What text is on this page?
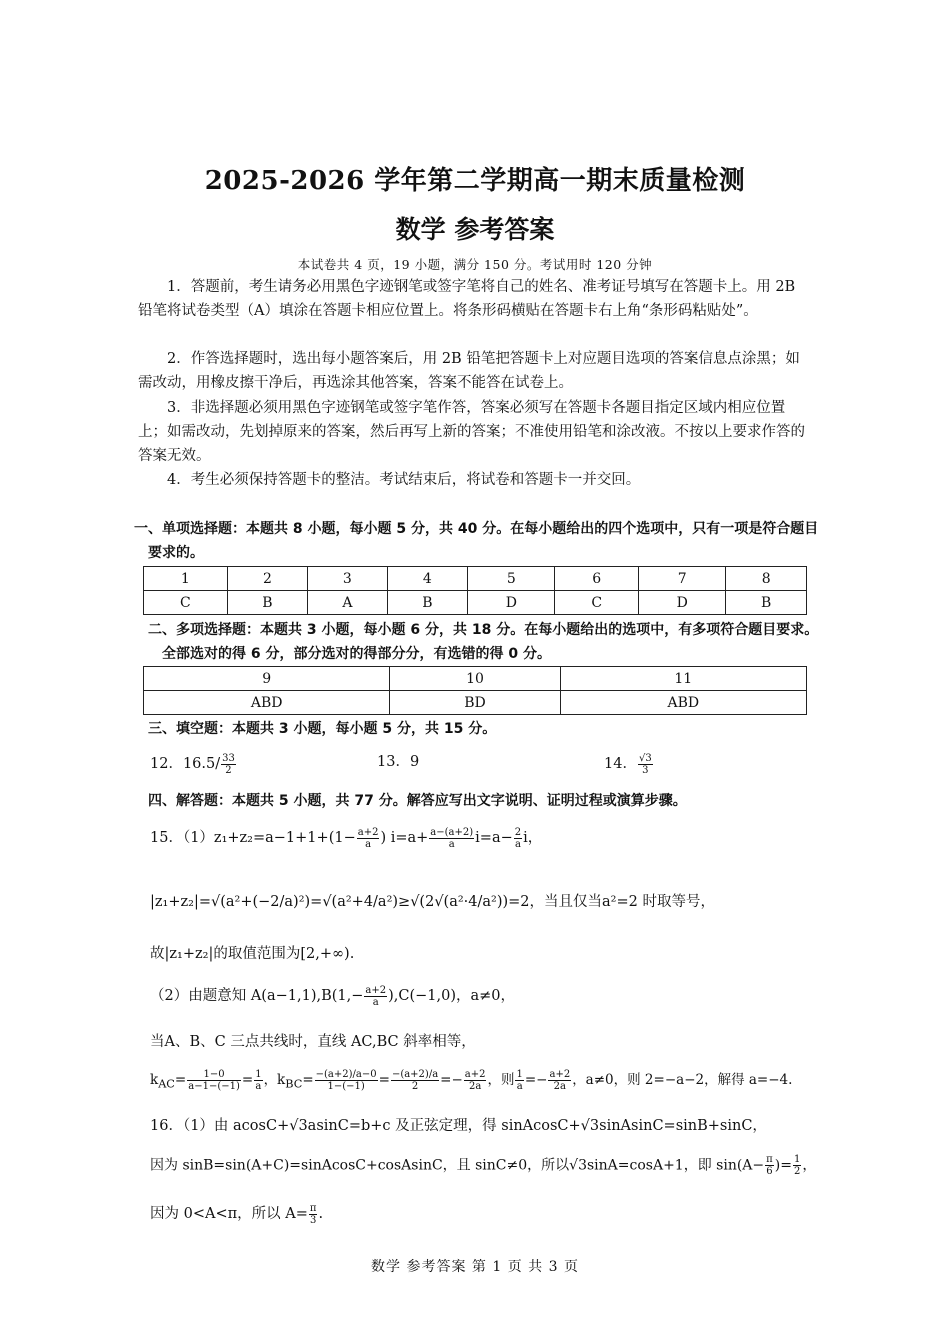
2025-2026 学年第二学期高一期末质量检测
数学 参考答案
本试卷共 4 页，19 小题，满分 150 分。考试用时 120 分钟
1．答题前，考生请务必用黑色字迹钢笔或签字笔将自己的姓名、准考证号填写在答题卡上。用 2B 铅笔将试卷类型（A）填涂在答题卡相应位置上。将条形码横贴在答题卡右上角“条形码粘贴处”。
2．作答选择题时，选出每小题答案后，用 2B 铅笔把答题卡上对应题目选项的答案信息点涂黑；如需改动，用橡皮擦干净后，再选涂其他答案，答案不能答在试卷上。
3．非选择题必须用黑色字迹钢笔或签字笔作答，答案必须写在答题卡各题目指定区域内相应位置上；如需改动，先划掉原来的答案，然后再写上新的答案；不准使用铅笔和涂改液。不按以上要求作答的答案无效。
4．考生必须保持答题卡的整洁。考试结束后，将试卷和答题卡一并交回。
一、单项选择题：本题共 8 小题，每小题 5 分，共 40 分。在每小题给出的四个选项中，只有一项是符合题目要求的。
1	2	3	4	5	6	7	8
C	B	A	B	D	C	D	B
二、多项选择题：本题共 3 小题，每小题 6 分，共 18 分。在每小题给出的选项中，有多项符合题目要求。全部选对的得 6 分，部分选对的得部分分，有选错的得 0 分。
9	10	11
ABD	BD	ABD
三、填空题：本题共 3 小题，每小题 5 分，共 15 分。
12．$16.5/ \frac{33}{2}$	13．9	14． $\frac{√3}{3}$
四、解答题：本题共 5 小题，共 77 分。解答应写出文字说明、证明过程或演算步骤。
15．$(1)z_1+z_2=a-1+1+(1- \frac{a+2}{a}$ ) $i=a+ \frac{a-(a+2)}{a} i=a- \frac{2}{a}$ i，
|z₁+z₂|=√(a²+(−2/a)²)=√(a²+4/a²)≥√(2√(a²·4/a²))=2，当且仅当a²=2 时取等号，
故|z₁+z₂|的取值范围为[2,+∞).
（2）由题意知 $A(a-1,1),B(1,- \frac{a+2}{a} ),C(-1,0)$，a≠0，
当A、B、C 三点共线时，直线 AC,BC 斜率相等，
$k_{AC}= \frac{1-0}{a-1-(-1)} = \frac{1}{a}$ ，$k_{BC}= \frac{-(a+2)/a-0}{1-(-1)} = \frac{-(a+2)/a}{2} =- \frac{a+2}{2a}$ ，则 $\frac{1}{a} =- \frac{a+2}{2a}$ ，a≠0，则 2=−a−2，解得 a=−4.
16．（1）由 acosC+√3asinC=b+c 及正弦定理，得 sinAcosC+√3sinAsinC=sinB+sinC，
因为 sinB=sin(A+C)=sinAcosC+cosAsinC，且 sinC≠0，所以√3sinA=cosA+1，即 $\sin(A- \frac{\pi}{6}$ )= $\frac{1}{2}$ ，
因为 0<A<π，所以 $A= \frac{\pi}{3}$ .
数学 参考答案 第 1 页 共 3 页
